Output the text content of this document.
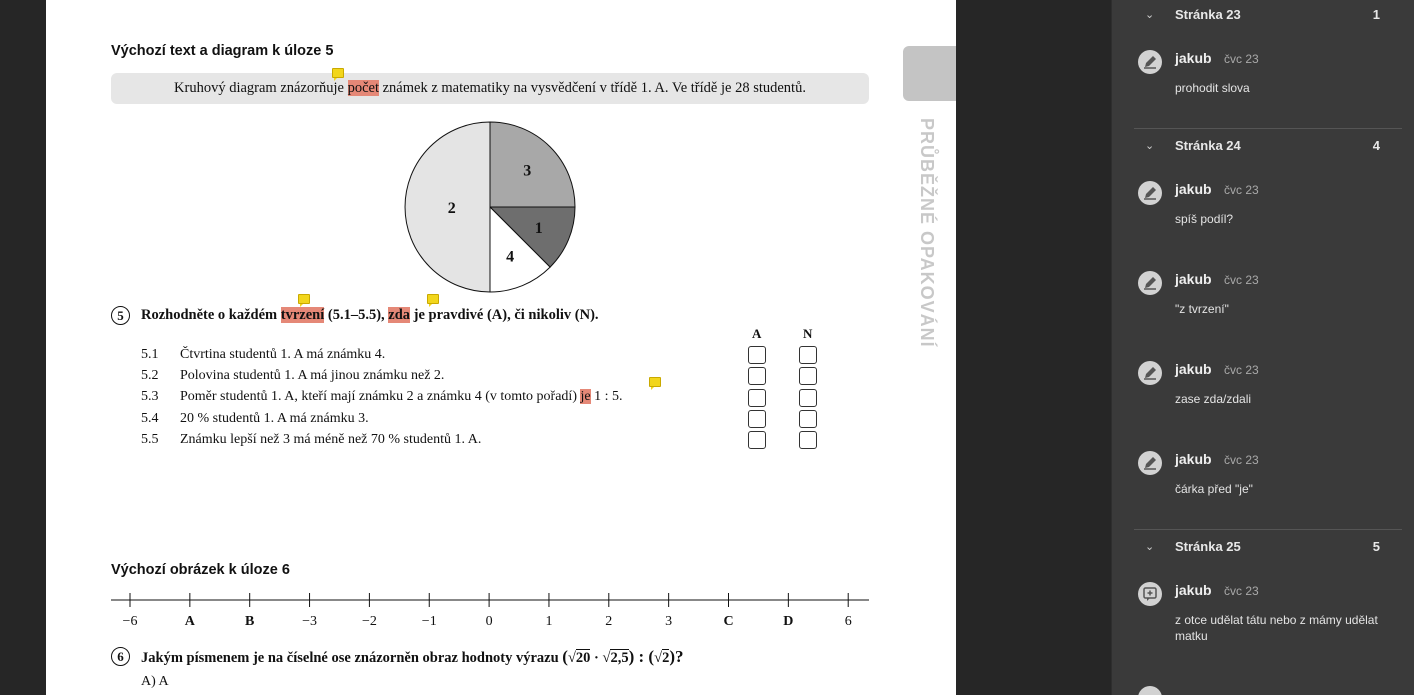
Výchozí text a diagram k úloze 5
Kruhový diagram znázorňuje počet známek z matematiky na vysvědčení v třídě 1. A. Ve třídě je 28 studentů.
3
1
4
2
5	Rozhodněte o každém tvrzení (5.1–5.5), zda je pravdivé (A), či nikoliv (N).
A	N
5.1 Čtvrtina studentů 1. A má známku 4.
5.2 Polovina studentů 1. A má jinou známku než 2.
5.3 Poměr studentů 1. A, kteří mají známku 2 a známku 4 (v tomto pořadí) je 1 : 5.
5.4 20 % studentů 1. A má známku 3.
5.5 Známku lepší než 3 má méně než 70 % studentů 1. A.
Výchozí obrázek k úloze 6
−6	A	B	−3	−2	−1	0	1	2	3	C	D	6
6	Jakým písmenem je na číselné ose znázorněn obraz hodnoty výrazu (√20 · √2,5) : (√2)?
A) A
PRŮBĚŽNÉ OPAKOVÁNÍ
⌄ Stránka 23	1
jakub čvc 23
prohodit slova
⌄ Stránka 24	4
jakub čvc 23
spíš podíl?
jakub čvc 23
"z tvrzení"
jakub čvc 23
zase zda/zdali
jakub čvc 23
čárka před "je"
⌄ Stránka 25	5
jakub čvc 23
z otce udělat tátu nebo z mámy udělat matku
